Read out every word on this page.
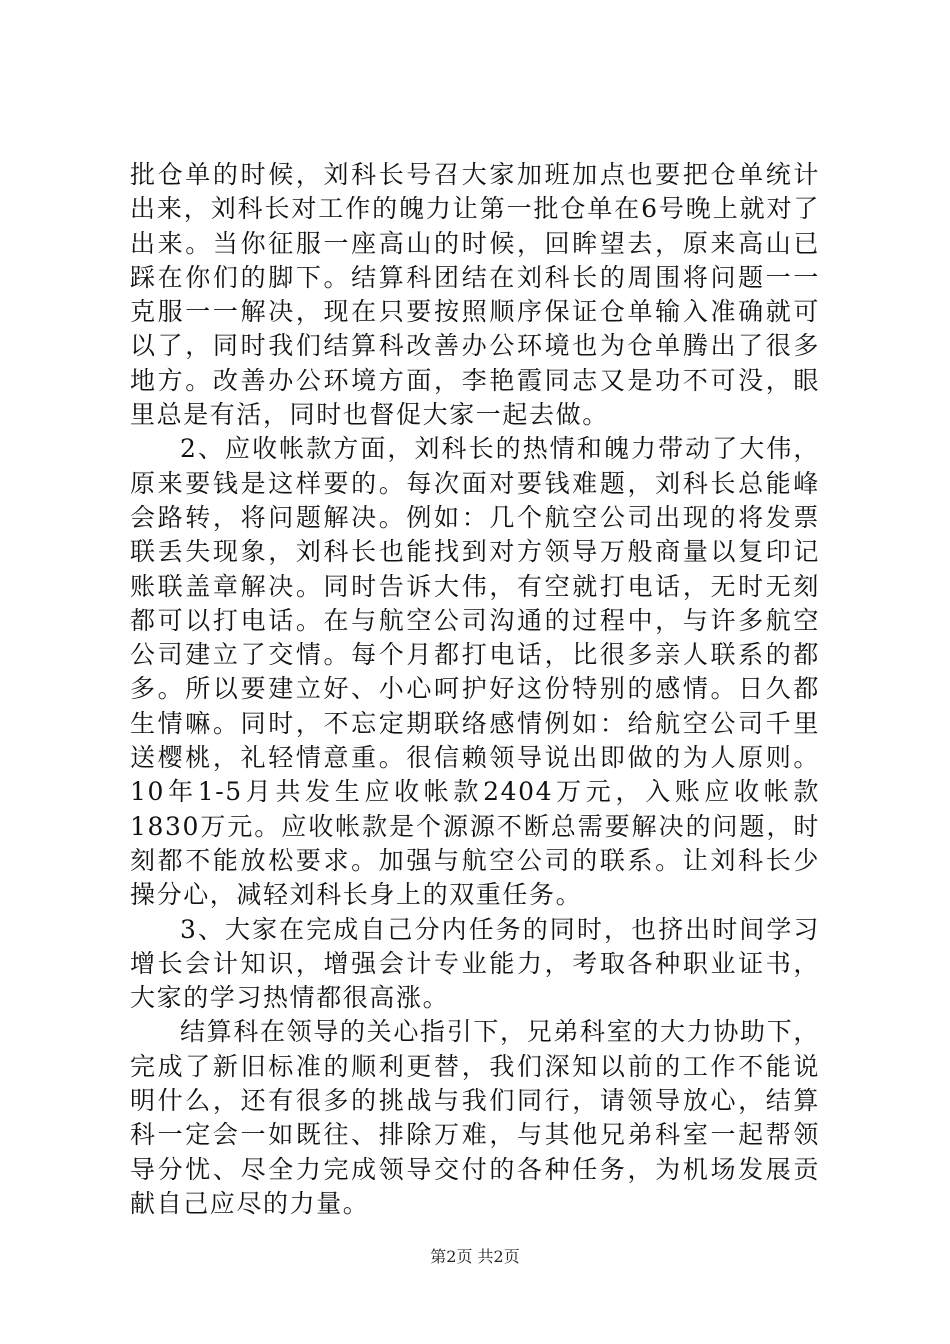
批仓单的时候，刘科长号召大家加班加点也要把仓单统计出来，刘科长对工作的魄力让第一批仓单在6号晚上就对了出来。当你征服一座高山的时候，回眸望去，原来高山已踩在你们的脚下。结算科团结在刘科长的周围将问题一一克服一一解决，现在只要按照顺序保证仓单输入准确就可以了，同时我们结算科改善办公环境也为仓单腾出了很多地方。改善办公环境方面，李艳霞同志又是功不可没，眼里总是有活，同时也督促大家一起去做。

2、应收帐款方面，刘科长的热情和魄力带动了大伟，原来要钱是这样要的。每次面对要钱难题，刘科长总能峰会路转，将问题解决。例如：几个航空公司出现的将发票联丢失现象，刘科长也能找到对方领导万般商量以复印记账联盖章解决。同时告诉大伟，有空就打电话，无时无刻都可以打电话。在与航空公司沟通的过程中，与许多航空公司建立了交情。每个月都打电话，比很多亲人联系的都多。所以要建立好、小心呵护好这份特别的感情。日久都生情嘛。同时，不忘定期联络感情例如：给航空公司千里送樱桃，礼轻情意重。很信赖领导说出即做的为人原则。10年1-5月共发生应收帐款2404万元，入账应收帐款1830万元。应收帐款是个源源不断总需要解决的问题，时刻都不能放松要求。加强与航空公司的联系。让刘科长少操分心，减轻刘科长身上的双重任务。

3、大家在完成自己分内任务的同时，也挤出时间学习增长会计知识，增强会计专业能力，考取各种职业证书，大家的学习热情都很高涨。

结算科在领导的关心指引下，兄弟科室的大力协助下，完成了新旧标准的顺利更替，我们深知以前的工作不能说明什么，还有很多的挑战与我们同行，请领导放心，结算科一定会一如既往、排除万难，与其他兄弟科室一起帮领导分忧、尽全力完成领导交付的各种任务，为机场发展贡献自己应尽的力量。

第2页 共2页
